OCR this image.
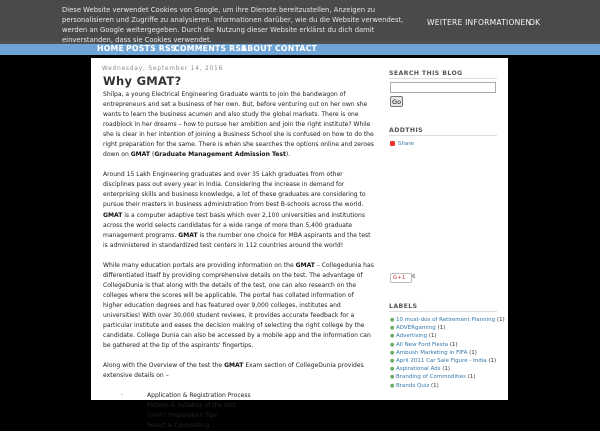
HOME POSTS RSS
COMMENTS RSS
ABOUT CONTACT
Diese Website verwendet Cookies von Google, um ihre Dienste bereitzustellen, Anzeigen zu personalisieren und Zugriffe zu analysieren. Informationen darüber, wie du die Website verwendest, werden an Google weitergegeben. Durch die Nutzung dieser Website erklärst du dich damit einverstanden, dass sie Cookies verwendet.
WEITERE INFORMATIONEN
OK
Wednesday, September 14, 2016
Why GMAT?

Shilpa, a young Electrical Engineering Graduate wants to join the bandwagon of entrepreneurs and set a business of her own. But, before venturing out on her own she wants to learn the business acumen and also study the global markets. There is one roadblock in her dreams – how to pursue her ambition and join the right institute? While she is clear in her intention of joining a Business School she is confused on how to do the right preparation for the same. There is when she searches the options online and zeroes down on GMAT (Graduate Management Admission Test).

Around 15 Lakh Engineering graduates and over 35 Lakh graduates from other disciplines pass out every year in India. Considering the increase in demand for enterprising skills and business knowledge, a lot of these graduates are considering to pursue their masters in business administration from best B-schools across the world. GMAT is a computer adaptive test basis which over 2,100 universities and institutions across the world selects candidates for a wide range of more than 5,400 graduate management programs. GMAT is the number one choice for MBA aspirants and the test is administered in standardized test centers in 112 countries around the world!

While many education portals are providing information on the GMAT – Collegedunia has differentiated itself by providing comprehensive details on the test. The advantage of CollegeDunia is that along with the details of the test, one can also research on the colleges where the scores will be applicable. The portal has collated information of higher education degrees and has featured over 9,000 colleges, institutes and universities! With over 30,000 student reviews, it provides accurate feedback for a particular institute and eases the decision making of selecting the right college by the candidate. College Dunia can also be accessed by a mobile app and the information can be gathered at the tip of the aspirants' fingertips.

Along with the Overview of the test the GMAT Exam section of CollegeDunia provides extensive details on –

·	Application & Registration Process
·	Pattern & Syllabus of the test
·	GMAT Preparation Tips
·	Result & Counselling
SEARCH THIS BLOG
Go
ADDTHIS
Share
G+1	6
LABELS
● 10 must-dos of Retirement Planning (1)
● ADVERgaming (1)
● Advertising (1)
● All New Ford Fiesta (1)
● Ambush Marketing in FIFA (1)
● April 2011 Car Sale Figure - India (1)
● Aspirational Ads (1)
● Branding of Commodities (1)
● Brands Quiz (1)
